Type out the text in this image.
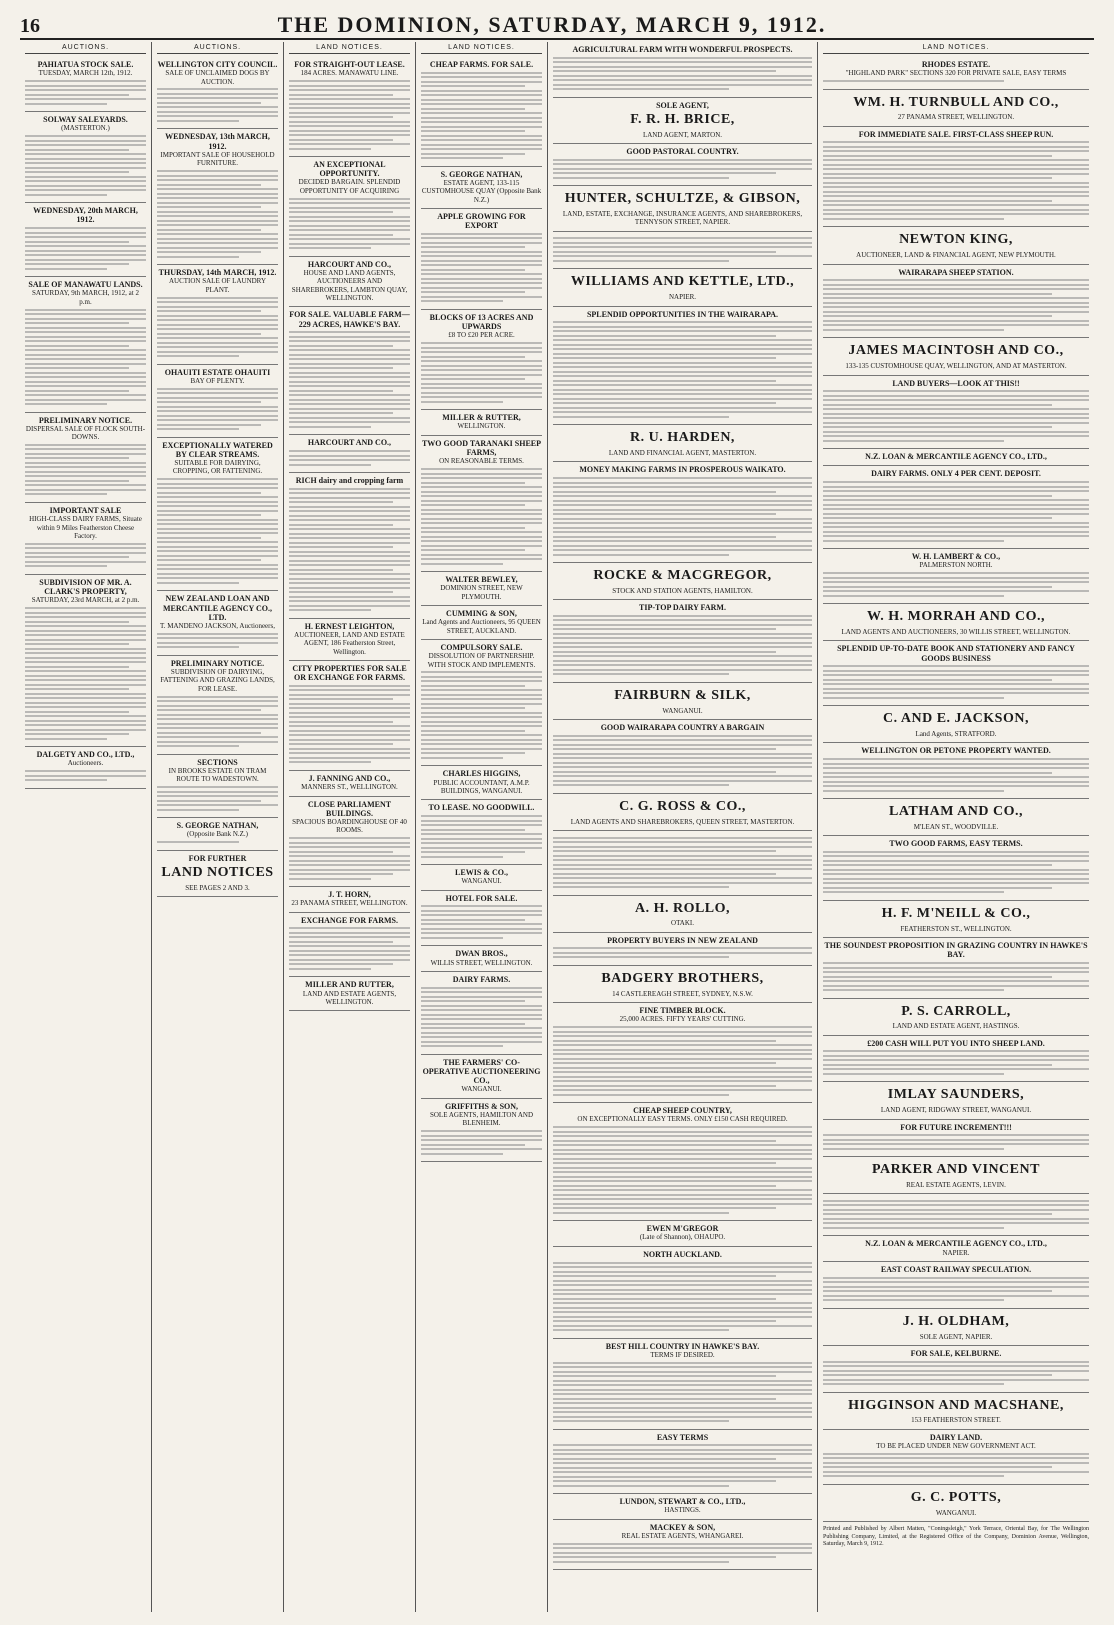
16	THE DOMINION, SATURDAY, MARCH 9, 1912.
AUCTIONS.
PAHIATUA STOCK SALE.
TUESDAY, MARCH 12th, 1912.
SOLWAY SALEYARDS.
(MASTERTON.)
WEDNESDAY, 20th MARCH, 1912.
SALE OF MANAWATU LANDS.
SATURDAY, 9th MARCH, 1912, at 2 p.m.
PRELIMINARY NOTICE.
DISPERSAL SALE OF FLOCK SOUTH-DOWNS.
IMPORTANT SALE
HIGH-CLASS DAIRY FARMS, Situate within 9 Miles Featherston Cheese Factory.
SUBDIVISION OF MR. A. CLARK'S PROPERTY,
SATURDAY, 23rd MARCH, at 2 p.m.
DALGETY AND CO., LTD.,
Auctioneers.
AUCTIONS.
WELLINGTON CITY COUNCIL.
SALE OF UNCLAIMED DOGS BY AUCTION.
WEDNESDAY, 13th MARCH, 1912.
IMPORTANT SALE OF HOUSEHOLD FURNITURE.
THURSDAY, 14th MARCH, 1912.
AUCTION SALE OF LAUNDRY PLANT.
OHAUITI ESTATE OHAUITI
BAY OF PLENTY.
EXCEPTIONALLY WATERED BY CLEAR STREAMS.
SUITABLE FOR DAIRYING, CROPPING, OR FATTENING.
NEW ZEALAND LOAN AND MERCANTILE AGENCY CO., LTD.
T. MANDENO JACKSON, Auctioneers,
PRELIMINARY NOTICE.
SUBDIVISION OF DAIRYING, FATTENING AND GRAZING LANDS, FOR LEASE.
SECTIONS
IN BROOKS ESTATE ON TRAM ROUTE TO WADESTOWN.
S. GEORGE NATHAN,
(Opposite Bank N.Z.)
FOR FURTHER
LAND NOTICES
SEE PAGES 2 AND 3.
LAND NOTICES.
FOR STRAIGHT-OUT LEASE.
184 ACRES. MANAWATU LINE.
AN EXCEPTIONAL OPPORTUNITY.
DECIDED BARGAIN. SPLENDID OPPORTUNITY OF ACQUIRING
HARCOURT AND CO.,
HOUSE AND LAND AGENTS, AUCTIONEERS AND SHAREBROKERS, LAMBTON QUAY, WELLINGTON.
FOR SALE. VALUABLE FARM—229 ACRES, HAWKE'S BAY.
HARCOURT AND CO.,
RICH dairy and cropping farm
H. ERNEST LEIGHTON,
AUCTIONEER, LAND AND ESTATE AGENT, 186 Featherston Street, Wellington.
CITY PROPERTIES FOR SALE OR EXCHANGE FOR FARMS.
J. FANNING AND CO.,
MANNERS ST., WELLINGTON.
CLOSE PARLIAMENT BUILDINGS.
SPACIOUS BOARDINGHOUSE OF 40 ROOMS.
J. T. HORN,
23 PANAMA STREET, WELLINGTON.
EXCHANGE FOR FARMS.
MILLER AND RUTTER,
LAND AND ESTATE AGENTS, WELLINGTON.
LAND NOTICES.
CHEAP FARMS. FOR SALE.
S. GEORGE NATHAN,
ESTATE AGENT, 133-115 CUSTOMHOUSE QUAY (Opposite Bank N.Z.)
APPLE GROWING FOR EXPORT
BLOCKS OF 13 ACRES AND UPWARDS
£8 TO £20 PER ACRE.
MILLER & RUTTER,
WELLINGTON.
TWO GOOD TARANAKI SHEEP FARMS,
ON REASONABLE TERMS.
WALTER BEWLEY,
DOMINION STREET, NEW PLYMOUTH.
CUMMING & SON,
Land Agents and Auctioneers, 95 QUEEN STREET, AUCKLAND.
COMPULSORY SALE.
DISSOLUTION OF PARTNERSHIP. WITH STOCK AND IMPLEMENTS.
CHARLES HIGGINS,
PUBLIC ACCOUNTANT, A.M.P. BUILDINGS, WANGANUI.
TO LEASE. NO GOODWILL.
LEWIS & CO.,
WANGANUI.
HOTEL FOR SALE.
DWAN BROS.,
WILLIS STREET, WELLINGTON.
DAIRY FARMS.
THE FARMERS' CO-OPERATIVE AUCTIONEERING CO.,
WANGANUI.
GRIFFITHS & SON,
SOLE AGENTS, HAMILTON AND BLENHEIM.
AGRICULTURAL FARM WITH WONDERFUL PROSPECTS.
SOLE AGENT,
F. R. H. BRICE,
LAND AGENT, MARTON.
GOOD PASTORAL COUNTRY.
HUNTER, SCHULTZE, & GIBSON,
LAND, ESTATE, EXCHANGE, INSURANCE AGENTS, AND SHAREBROKERS, TENNYSON STREET, NAPIER.
WILLIAMS AND KETTLE, LTD.,
NAPIER.
SPLENDID OPPORTUNITIES IN THE WAIRARAPA.
R. U. HARDEN,
LAND AND FINANCIAL AGENT, MASTERTON.
MONEY MAKING FARMS IN PROSPEROUS WAIKATO.
ROCKE & MACGREGOR,
STOCK AND STATION AGENTS, HAMILTON.
TIP-TOP DAIRY FARM.
FAIRBURN & SILK,
WANGANUI.
GOOD WAIRARAPA COUNTRY A BARGAIN
C. G. ROSS & CO.,
LAND AGENTS AND SHAREBROKERS, QUEEN STREET, MASTERTON.
A. H. ROLLO,
OTAKI.
PROPERTY BUYERS IN NEW ZEALAND
BADGERY BROTHERS,
14 CASTLEREAGH STREET, SYDNEY, N.S.W.
FINE TIMBER BLOCK.
25,000 ACRES. FIFTY YEARS' CUTTING.
CHEAP SHEEP COUNTRY,
ON EXCEPTIONALLY EASY TERMS. ONLY £150 CASH REQUIRED.
EWEN M'GREGOR
(Late of Shannon), OHAUPO.
NORTH AUCKLAND.
BEST HILL COUNTRY IN HAWKE'S BAY.
TERMS IF DESIRED.
EASY TERMS
LUNDON, STEWART & CO., LTD.,
HASTINGS.
MACKEY & SON,
REAL ESTATE AGENTS, WHANGAREI.
LAND NOTICES.
RHODES ESTATE.
"HIGHLAND PARK" SECTIONS 320 FOR PRIVATE SALE, EASY TERMS
WM. H. TURNBULL AND CO.,
27 PANAMA STREET, WELLINGTON.
FOR IMMEDIATE SALE. FIRST-CLASS SHEEP RUN.
NEWTON KING,
AUCTIONEER, LAND & FINANCIAL AGENT, NEW PLYMOUTH.
WAIRARAPA SHEEP STATION.
JAMES MACINTOSH AND CO.,
133-135 CUSTOMHOUSE QUAY, WELLINGTON, AND AT MASTERTON.
LAND BUYERS—LOOK AT THIS!!
N.Z. LOAN & MERCANTILE AGENCY CO., LTD.,
DAIRY FARMS. ONLY 4 PER CENT. DEPOSIT.
W. H. LAMBERT & CO.,
PALMERSTON NORTH.
W. H. MORRAH AND CO.,
LAND AGENTS AND AUCTIONEERS, 30 WILLIS STREET, WELLINGTON.
SPLENDID UP-TO-DATE BOOK AND STATIONERY AND FANCY GOODS BUSINESS
C. AND E. JACKSON,
Land Agents, STRATFORD.
WELLINGTON OR PETONE PROPERTY WANTED.
LATHAM AND CO.,
M'LEAN ST., WOODVILLE.
TWO GOOD FARMS, EASY TERMS.
H. F. M'NEILL & CO.,
FEATHERSTON ST., WELLINGTON.
THE SOUNDEST PROPOSITION IN GRAZING COUNTRY IN HAWKE'S BAY.
P. S. CARROLL,
LAND AND ESTATE AGENT, HASTINGS.
£200 CASH WILL PUT YOU INTO SHEEP LAND.
IMLAY SAUNDERS,
LAND AGENT, RIDGWAY STREET, WANGANUI.
FOR FUTURE INCREMENT!!!
PARKER AND VINCENT
REAL ESTATE AGENTS, LEVIN.
N.Z. LOAN & MERCANTILE AGENCY CO., LTD.,
NAPIER.
EAST COAST RAILWAY SPECULATION.
J. H. OLDHAM,
SOLE AGENT, NAPIER.
FOR SALE, KELBURNE.
HIGGINSON AND MACSHANE,
153 FEATHERSTON STREET.
DAIRY LAND.
TO BE PLACED UNDER NEW GOVERNMENT ACT.
G. C. POTTS,
WANGANUI.
Printed and Published by Albert Matten, "Coningsleigh," York Terrace, Oriental Bay, for The Wellington Publishing Company, Limited, at the Registered Office of the Company, Dominion Avenue, Wellington, Saturday, March 9, 1912.
